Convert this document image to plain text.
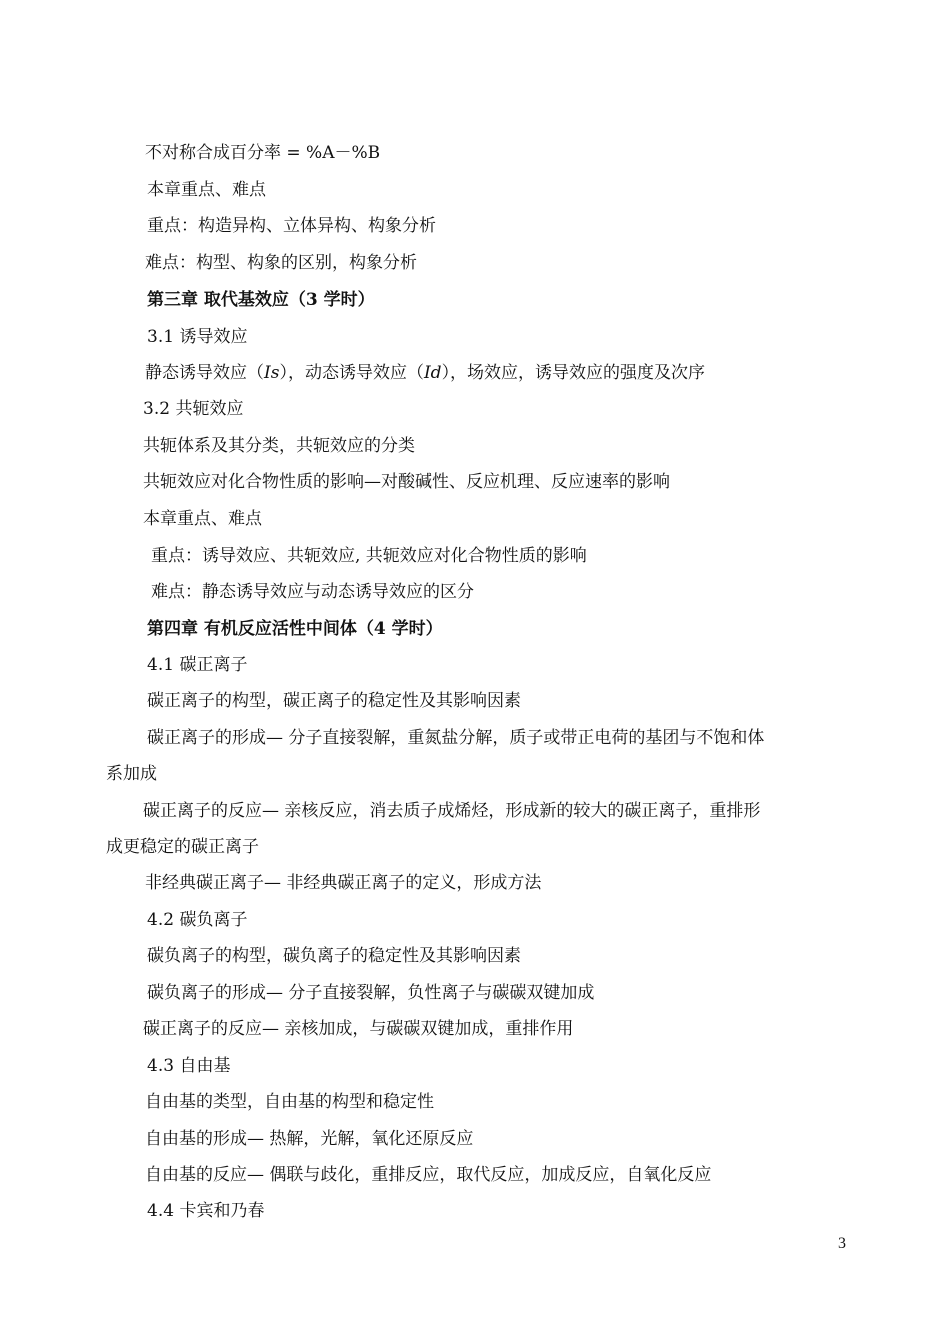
不对称合成百分率 = %A－%B
本章重点、难点
重点：构造异构、立体异构、构象分析
难点：构型、构象的区别，构象分析
第三章 取代基效应（3 学时）
3.1 诱导效应
静态诱导效应（Is），动态诱导效应（Id），场效应，诱导效应的强度及次序
3.2 共轭效应
共轭体系及其分类，共轭效应的分类
共轭效应对化合物性质的影响—对酸碱性、反应机理、反应速率的影响
本章重点、难点
重点：诱导效应、共轭效应, 共轭效应对化合物性质的影响
难点：静态诱导效应与动态诱导效应的区分
第四章 有机反应活性中间体（4 学时）
4.1 碳正离子
碳正离子的构型，碳正离子的稳定性及其影响因素
碳正离子的形成— 分子直接裂解，重氮盐分解，质子或带正电荷的基团与不饱和体
系加成
碳正离子的反应— 亲核反应，消去质子成烯烃，形成新的较大的碳正离子，重排形
成更稳定的碳正离子
非经典碳正离子— 非经典碳正离子的定义，形成方法
4.2 碳负离子
碳负离子的构型，碳负离子的稳定性及其影响因素
碳负离子的形成— 分子直接裂解，负性离子与碳碳双键加成
碳正离子的反应— 亲核加成，与碳碳双键加成，重排作用
4.3 自由基
自由基的类型，自由基的构型和稳定性
自由基的形成— 热解，光解，氧化还原反应
自由基的反应— 偶联与歧化，重排反应，取代反应，加成反应，自氧化反应
4.4 卡宾和乃春
3
